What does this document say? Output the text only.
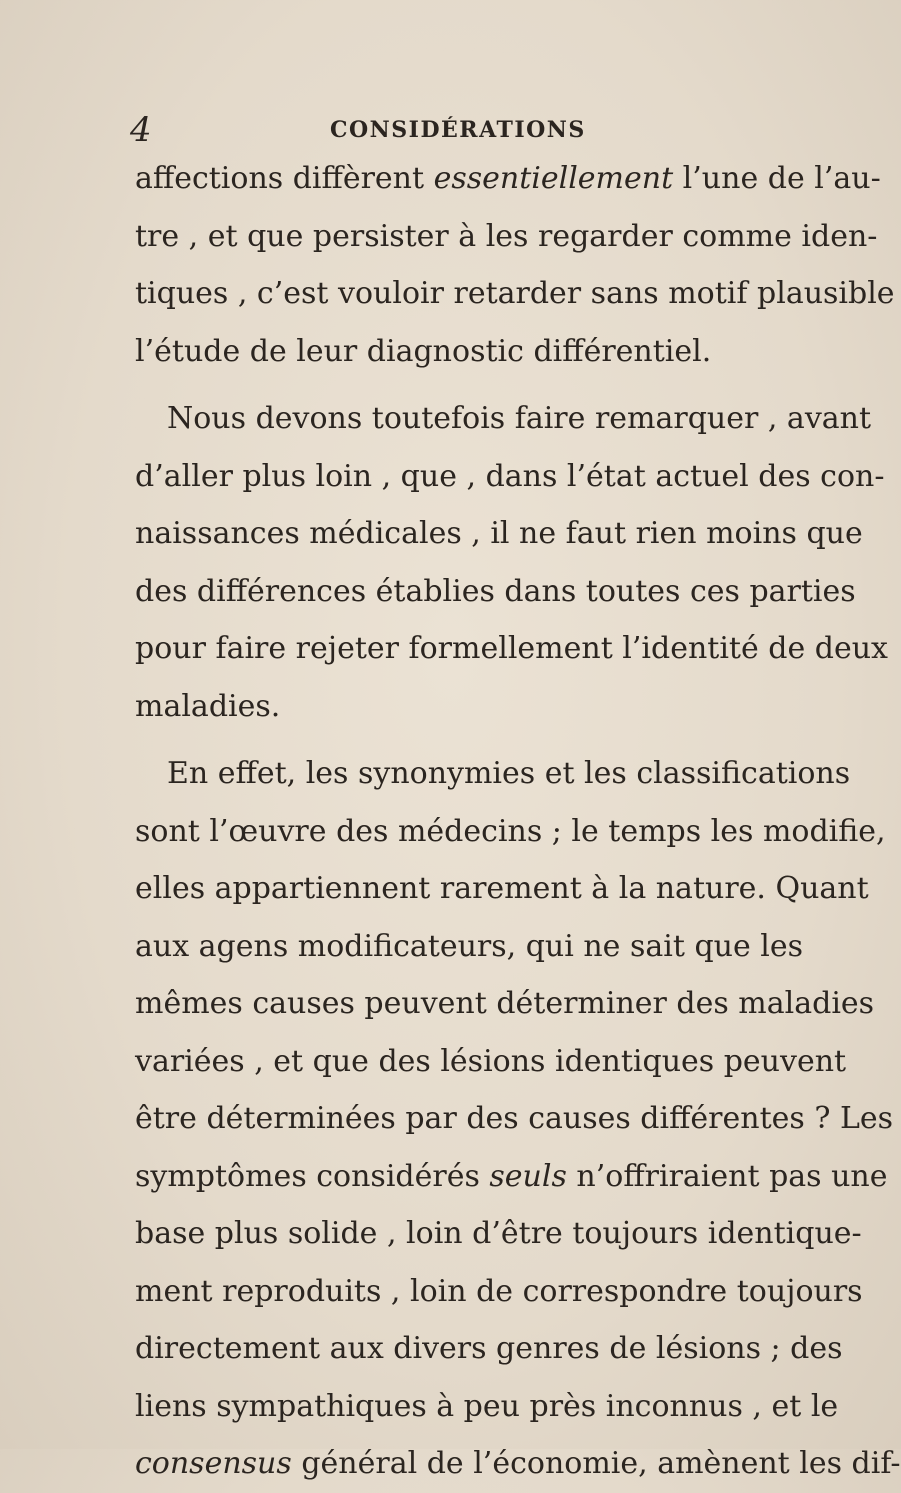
4	CONSIDÉRATIONS

affections diffèrent essentiellement l’une de l’au-
tre , et que persister à les regarder comme iden-
tiques , c’est vouloir retarder sans motif plausible
l’étude de leur diagnostic différentiel.

Nous devons toutefois faire remarquer , avant
d’aller plus loin , que , dans l’état actuel des con-
naissances médicales , il ne faut rien moins que
des différences établies dans toutes ces parties
pour faire rejeter formellement l’identité de deux
maladies.

En effet, les synonymies et les classifications
sont l’œuvre des médecins ; le temps les modifie,
elles appartiennent rarement à la nature. Quant
aux agens modificateurs, qui ne sait que les
mêmes causes peuvent déterminer des maladies
variées , et que des lésions identiques peuvent
être déterminées par des causes différentes ? Les
symptômes considérés seuls n’offriraient pas une
base plus solide , loin d’être toujours identique-
ment reproduits , loin de correspondre toujours
directement aux divers genres de lésions ; des
liens sympathiques à peu près inconnus , et le
consensus général de l’économie, amènent les dif-
